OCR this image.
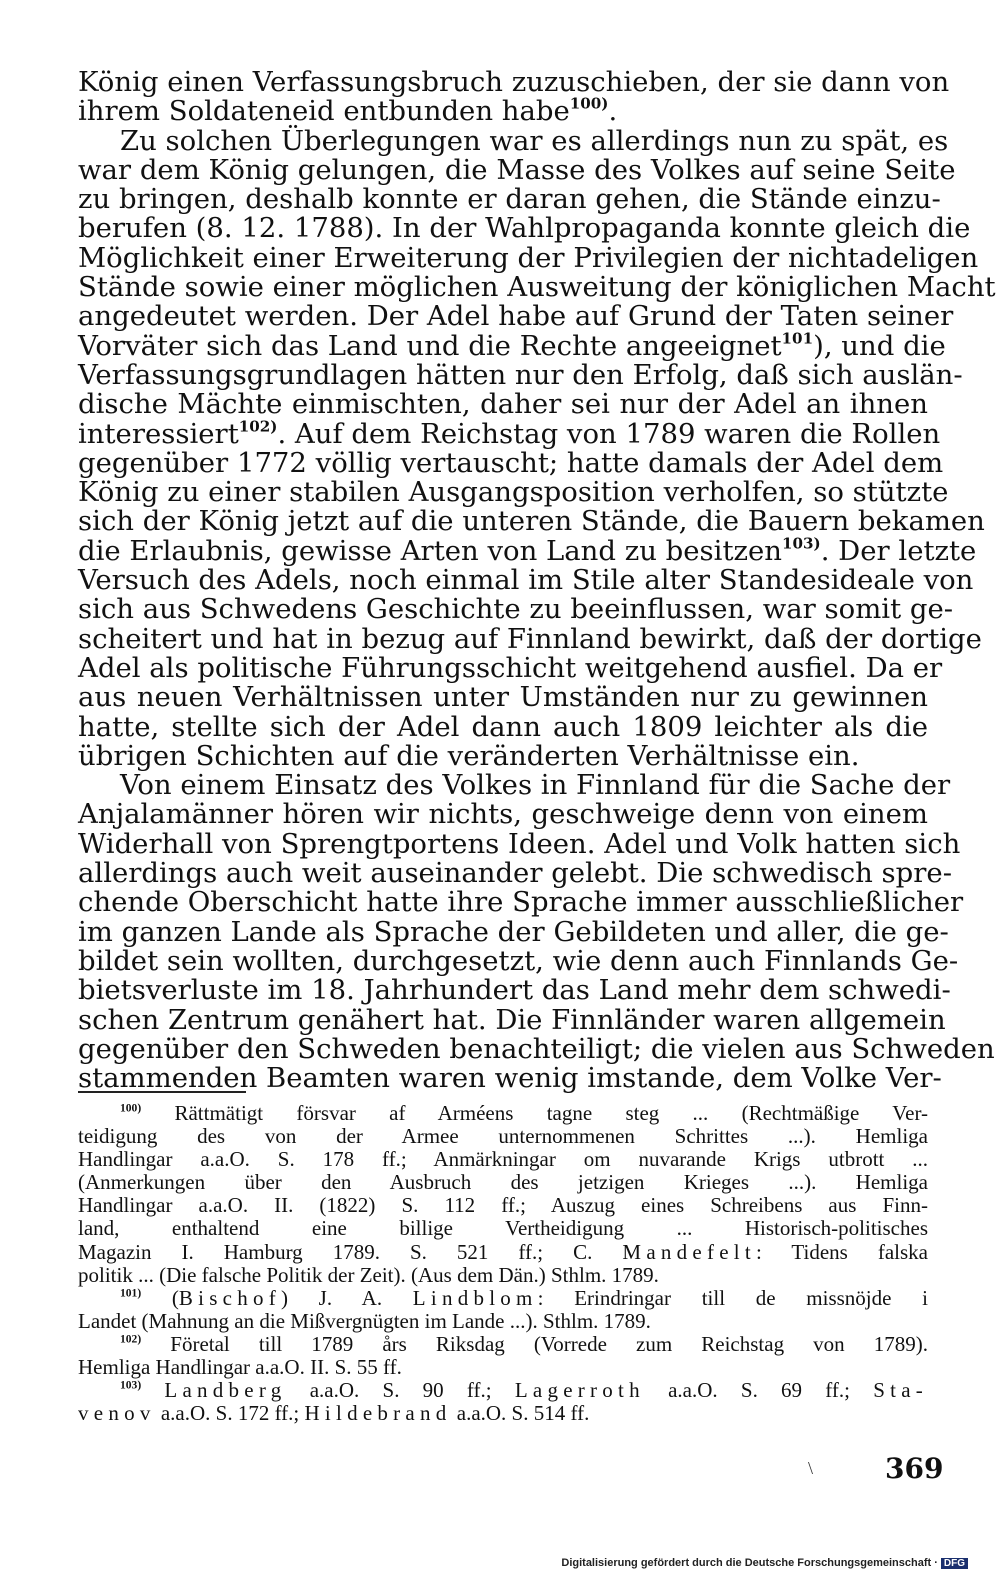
König einen Verfassungsbruch zuzuschieben, der sie dann von
ihrem Soldateneid entbunden habe$^{100)}$.
Zu solchen Überlegungen war es allerdings nun zu spät, es
war dem König gelungen, die Masse des Volkes auf seine Seite
zu bringen, deshalb konnte er daran gehen, die Stände einzu-
berufen (8. 12. 1788). In der Wahlpropaganda konnte gleich die
Möglichkeit einer Erweiterung der Privilegien der nichtadeligen
Stände sowie einer möglichen Ausweitung der königlichen Macht
angedeutet werden. Der Adel habe auf Grund der Taten seiner
Vorväter sich das Land und die Rechte angeeignet$^{101}$), und die
Verfassungsgrundlagen hätten nur den Erfolg, daß sich auslän-
dische Mächte einmischten, daher sei nur der Adel an ihnen
interessiert$^{102)}$. Auf dem Reichstag von 1789 waren die Rollen
gegenüber 1772 völlig vertauscht; hatte damals der Adel dem
König zu einer stabilen Ausgangsposition verholfen, so stützte
sich der König jetzt auf die unteren Stände, die Bauern bekamen
die Erlaubnis, gewisse Arten von Land zu besitzen$^{103)}$. Der letzte
Versuch des Adels, noch einmal im Stile alter Standesideale von
sich aus Schwedens Geschichte zu beeinflussen, war somit ge-
scheitert und hat in bezug auf Finnland bewirkt, daß der dortige
Adel als politische Führungsschicht weitgehend ausfiel. Da er
aus neuen Verhältnissen unter Umständen nur zu gewinnen
hatte, stellte sich der Adel dann auch 1809 leichter als die
übrigen Schichten auf die veränderten Verhältnisse ein.
Von einem Einsatz des Volkes in Finnland für die Sache der
Anjalamänner hören wir nichts, geschweige denn von einem
Widerhall von Sprengtportens Ideen. Adel und Volk hatten sich
allerdings auch weit auseinander gelebt. Die schwedisch spre-
chende Oberschicht hatte ihre Sprache immer ausschließlicher
im ganzen Lande als Sprache der Gebildeten und aller, die ge-
bildet sein wollten, durchgesetzt, wie denn auch Finnlands Ge-
bietsverluste im 18. Jahrhundert das Land mehr dem schwedi-
schen Zentrum genähert hat. Die Finnländer waren allgemein
gegenüber den Schweden benachteiligt; die vielen aus Schweden
stammenden Beamten waren wenig imstande, dem Volke Ver-
$^{100)}$ Rättmätigt försvar af Arméens tagne steg ... (Rechtmäßige Ver-
teidigung des von der Armee unternommenen Schrittes ...). Hemliga
Handlingar a.a.O. S. 178 ff.; Anmärkningar om nuvarande Krigs utbrott ...
(Anmerkungen über den Ausbruch des jetzigen Krieges ...). Hemliga
Handlingar a.a.O. II. (1822) S. 112 ff.; Auszug eines Schreibens aus Finn-
land, enthaltend eine billige Vertheidigung ... Historisch-politisches
Magazin I. Hamburg 1789. S. 521 ff.; C. Mandefelt: Tidens falska
politik ... (Die falsche Politik der Zeit). (Aus dem Dän.) Sthlm. 1789.
$^{101)}$ (Bischof) J. A. Lindblom: Erindringar till de missnöjde i
Landet (Mahnung an die Mißvergnügten im Lande ...). Sthlm. 1789.
$^{102)}$ Företal till 1789 års Riksdag (Vorrede zum Reichstag von 1789).
Hemliga Handlingar a.a.O. II. S. 55 ff.
$^{103)}$ Landberg a.a.O. S. 90 ff.; Lagerroth a.a.O. S. 69 ff.; Sta-
venov a.a.O. S. 172 ff.; Hildebrand a.a.O. S. 514 ff.
\	369
Digitalisierung gefördert durch die Deutsche Forschungsgemeinschaft · DFG
